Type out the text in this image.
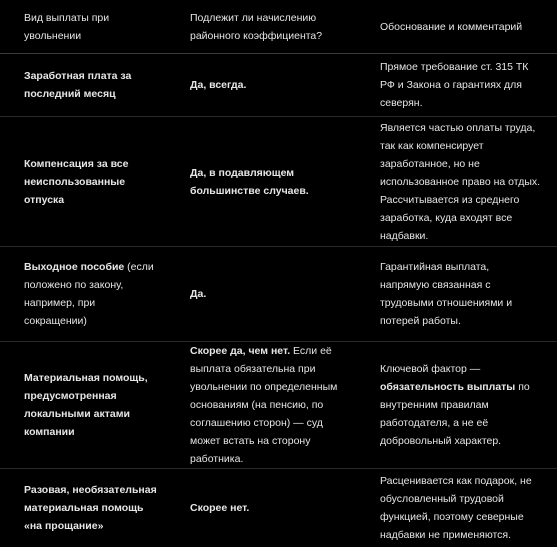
Вид выплаты при увольнении	Подлежит ли начислению районного коэффициента?	Обоснование и комментарий
Заработная плата за последний месяц	Да, всегда.	Прямое требование ст. 315 ТК РФ и Закона о гарантиях для северян.
Компенсация за все неиспользованные отпуска	Да, в подавляющем большинстве случаев.	Является частью оплаты труда, так как компенсирует заработанное, но не использованное право на отдых. Рассчитывается из среднего заработка, куда входят все надбавки.
Выходное пособие (если положено по закону, например, при сокращении)	Да.	Гарантийная выплата, напрямую связанная с трудовыми отношениями и потерей работы.
Материальная помощь, предусмотренная локальными актами компании	Скорее да, чем нет. Если её выплата обязательна при увольнении по определенным основаниям (на пенсию, по соглашению сторон) — суд может встать на сторону работника.	Ключевой фактор — обязательность выплаты по внутренним правилам работодателя, а не её добровольный характер.
Разовая, необязательная материальная помощь «на прощание»	Скорее нет.	Расценивается как подарок, не обусловленный трудовой функцией, поэтому северные надбавки не применяются.
